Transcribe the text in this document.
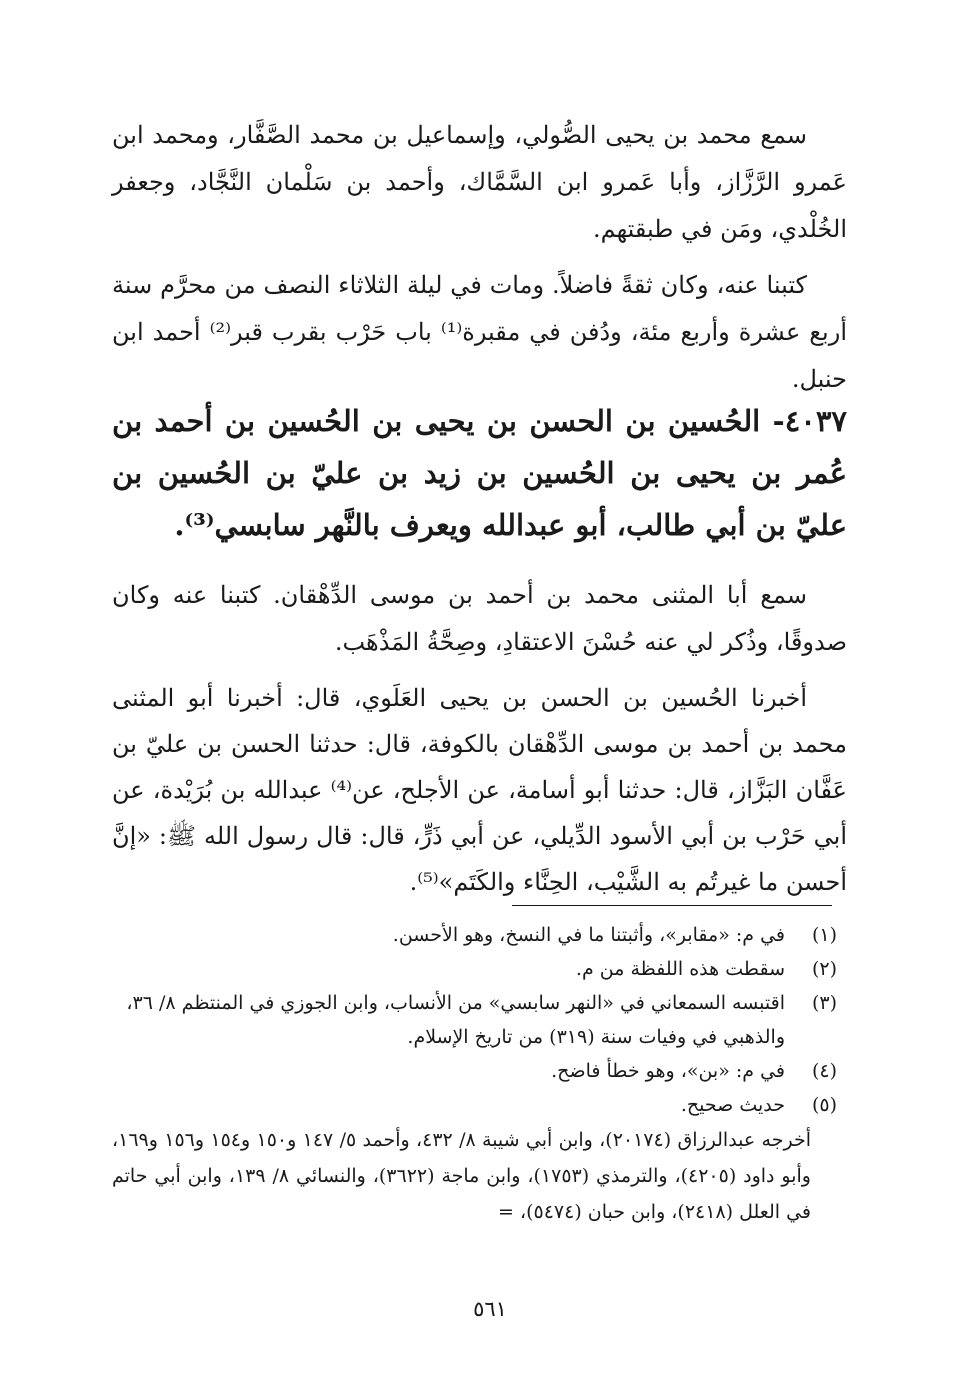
سمع محمد بن يحيى الصُّولي، وإسماعيل بن محمد الصَّفَّار، ومحمد ابن عَمرو الرَّزَّاز، وأبا عَمرو ابن السَّمَّاك، وأحمد بن سَلْمان النَّجَّاد، وجعفر الخُلْدي، ومَن في طبقتهم.
كتبنا عنه، وكان ثقةً فاضلاً. ومات في ليلة الثلاثاء النصف من محرَّم سنة أربع عشرة وأربع مئة، ودُفن في مقبرة⁽¹⁾ باب حَرْب بقرب قبر⁽²⁾ أحمد ابن حنبل.
٤٠٣٧- الحُسين بن الحسن بن يحيى بن الحُسين بن أحمد بن عُمر بن يحيى بن الحُسين بن زيد بن عليّ بن الحُسين بن عليّ بن أبي طالب، أبو عبدالله ويعرف بالنَّهر سابسي⁽³⁾.
سمع أبا المثنى محمد بن أحمد بن موسى الدِّهْقان. كتبنا عنه وكان صدوقًا، وذُكر لي عنه حُسْنَ الاعتقادِ، وصِحَّةُ المَذْهَب.
أخبرنا الحُسين بن الحسن بن يحيى العَلَوي، قال: أخبرنا أبو المثنى محمد بن أحمد بن موسى الدِّهْقان بالكوفة، قال: حدثنا الحسن بن عليّ بن عَفَّان البَزَّاز، قال: حدثنا أبو أسامة، عن الأجلح، عن⁽⁴⁾ عبدالله بن بُرَيْدة، عن أبي حَرْب بن أبي الأسود الدِّيلي، عن أبي ذَرٍّ، قال: قال رسول الله ﷺ: «إنَّ أحسن ما غيرتُم به الشَّيْب، الحِنَّاء والكَتَم»⁽⁵⁾.
(١)
في م: «مقابر»، وأثبتنا ما في النسخ، وهو الأحسن.
(٢)
سقطت هذه اللفظة من م.
(٣)
اقتبسه السمعاني في «النهر سابسي» من الأنساب، وابن الجوزي في المنتظم ٨/ ٣٦، والذهبي في وفيات سنة (٣١٩) من تاريخ الإسلام.
(٤)
في م: «بن»، وهو خطأ فاضح.
(٥)
حديث صحيح.
أخرجه عبدالرزاق (٢٠١٧٤)، وابن أبي شيبة ٨/ ٤٣٢، وأحمد ٥/ ١٤٧ و١٥٠ و١٥٤ و١٥٦ و١٦٩، وأبو داود (٤٢٠٥)، والترمذي (١٧٥٣)، وابن ماجة (٣٦٢٢)، والنسائي ٨/ ١٣٩، وابن أبي حاتم في العلل (٢٤١٨)، وابن حبان (٥٤٧٤)، =
٥٦١
